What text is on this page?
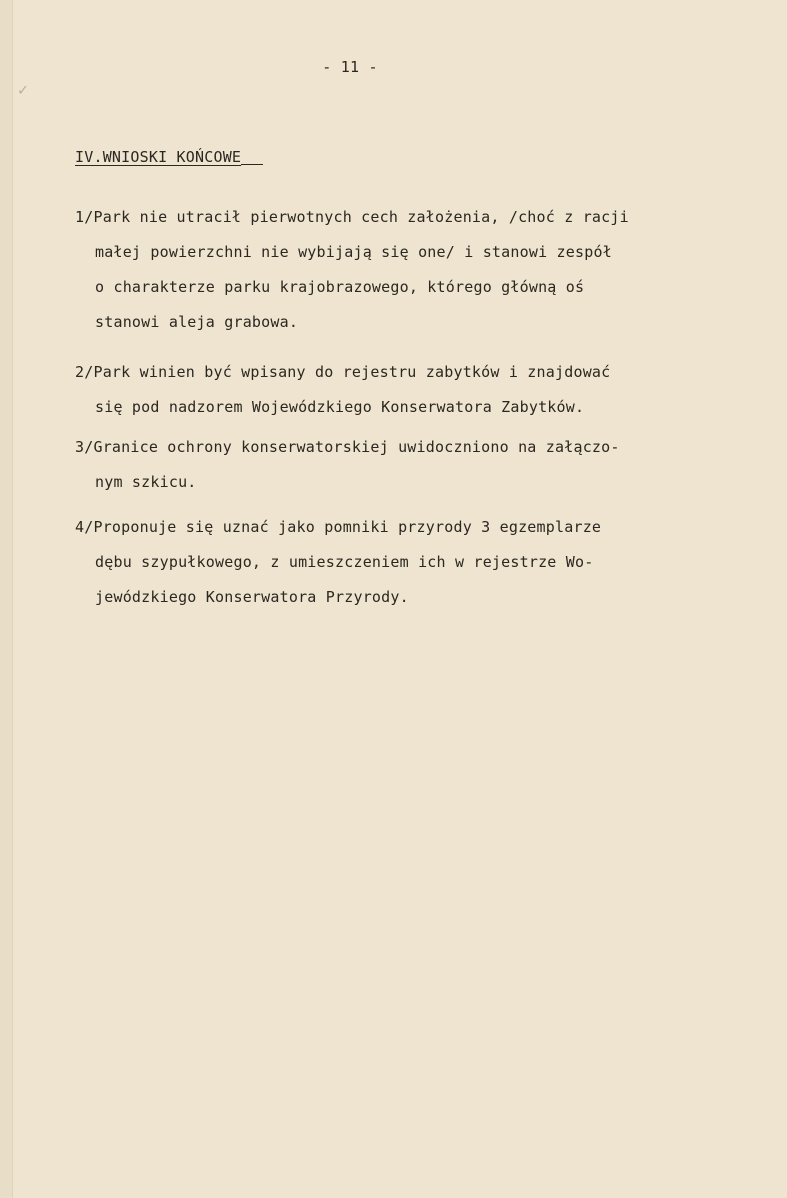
✓
- 11 -
IV.WNIOSKI KOŃCOWE
1/Park nie utracił pierwotnych cech założenia, /choć z racji
małej powierzchni nie wybijają się one/ i stanowi zespół
o charakterze parku krajobrazowego, którego główną oś
stanowi aleja grabowa.
2/Park winien być wpisany do rejestru zabytków i znajdować
się pod nadzorem Wojewódzkiego Konserwatora Zabytków.
3/Granice ochrony konserwatorskiej uwidoczniono na załączo-
nym szkicu.
4/Proponuje się uznać jako pomniki przyrody 3 egzemplarze
dębu szypułkowego, z umieszczeniem ich w rejestrze Wo-
jewódzkiego Konserwatora Przyrody.
